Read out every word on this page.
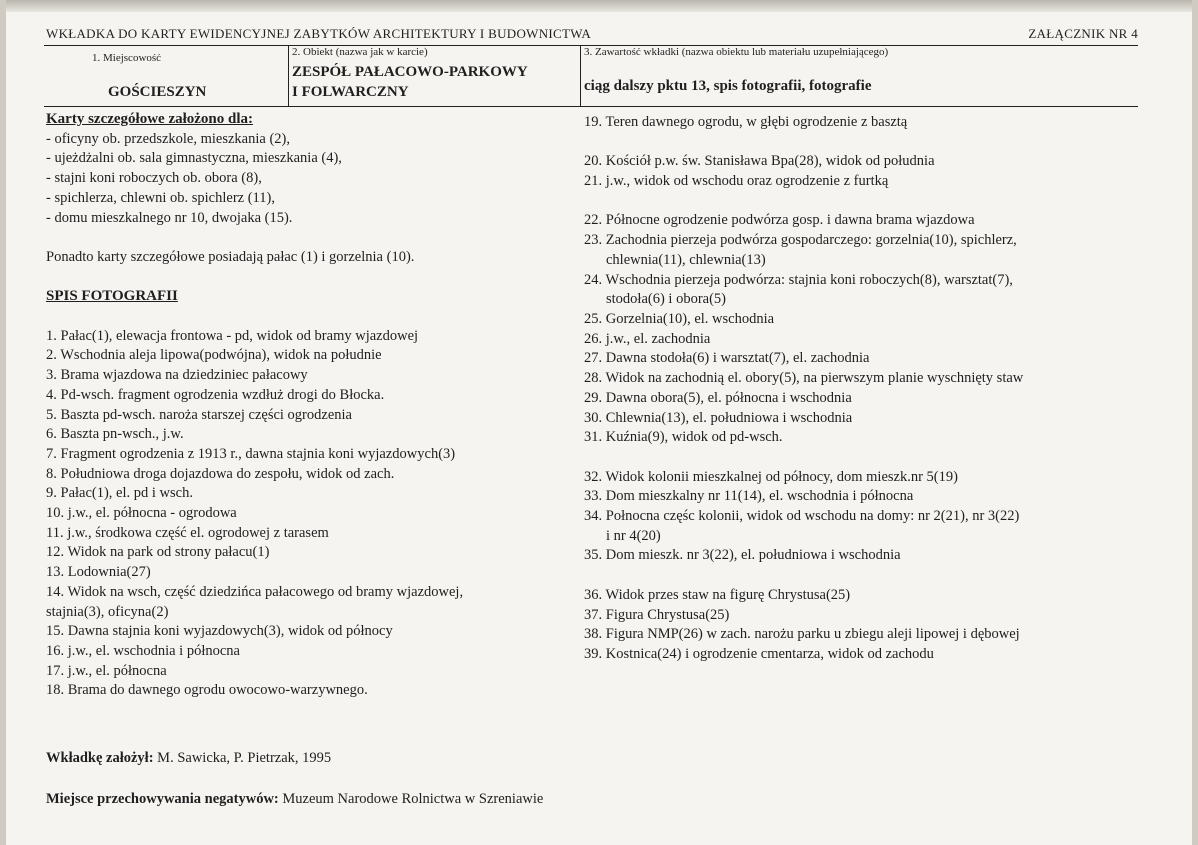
WKŁADKA DO KARTY EWIDENCYJNEJ ZABYTKÓW ARCHITEKTURY I BUDOWNICTWA	ZAŁĄCZNIK NR 4
1. Miejscowość
GOŚCIESZYN
2. Obiekt (nazwa jak w karcie)
ZESPÓŁ PAŁACOWO-PARKOWY
I FOLWARCZNY
3. Zawartość wkładki (nazwa obiektu lub materiału uzupełniającego)
ciąg dalszy pktu 13, spis fotografii, fotografie
Karty szczegółowe założono dla:
- oficyny ob. przedszkole, mieszkania (2),
- ujeżdżalni ob. sala gimnastyczna, mieszkania (4),
- stajni koni roboczych ob. obora (8),
- spichlerza, chlewni ob. spichlerz (11),
- domu mieszkalnego nr 10, dwojaka (15).
Ponadto karty szczegółowe posiadają pałac (1) i gorzelnia (10).
SPIS FOTOGRAFII
1. Pałac(1), elewacja frontowa - pd, widok od bramy wjazdowej
2. Wschodnia aleja lipowa(podwójna), widok na południe
3. Brama wjazdowa na dziedziniec pałacowy
4. Pd-wsch. fragment ogrodzenia wzdłuż drogi do Błocka.
5. Baszta pd-wsch. naroża starszej części ogrodzenia
6. Baszta pn-wsch., j.w.
7. Fragment ogrodzenia z 1913 r., dawna stajnia koni wyjazdowych(3)
8. Południowa droga dojazdowa do zespołu, widok od zach.
9. Pałac(1), el. pd i wsch.
10. j.w., el. północna - ogrodowa
11. j.w., środkowa część el. ogrodowej z tarasem
12. Widok na park od strony pałacu(1)
13. Lodownia(27)
14. Widok na wsch, część dziedzińca pałacowego od bramy wjazdowej,
stajnia(3), oficyna(2)
15. Dawna stajnia koni wyjazdowych(3), widok od północy
16. j.w., el. wschodnia i północna
17. j.w., el. północna
18. Brama do dawnego ogrodu owocowo-warzywnego.
19. Teren dawnego ogrodu, w głębi ogrodzenie z basztą
20. Kościół p.w. św. Stanisława Bpa(28), widok od południa
21. j.w., widok od wschodu oraz ogrodzenie z furtką
22. Północne ogrodzenie podwórza gosp. i dawna brama wjazdowa
23. Zachodnia pierzeja podwórza gospodarczego: gorzelnia(10), spichlerz,
chlewnia(11), chlewnia(13)
24. Wschodnia pierzeja podwórza: stajnia koni roboczych(8), warsztat(7),
stodoła(6) i obora(5)
25. Gorzelnia(10), el. wschodnia
26. j.w., el. zachodnia
27. Dawna stodoła(6) i warsztat(7), el. zachodnia
28. Widok na zachodnią el. obory(5), na pierwszym planie wyschnięty staw
29. Dawna obora(5), el. północna i wschodnia
30. Chlewnia(13), el. południowa i wschodnia
31. Kuźnia(9), widok od pd-wsch.
32. Widok kolonii mieszkalnej od północy, dom mieszk.nr 5(19)
33. Dom mieszkalny nr 11(14), el. wschodnia i północna
34. Połnocna częśc kolonii, widok od wschodu na domy: nr 2(21), nr 3(22)
i nr 4(20)
35. Dom mieszk. nr 3(22), el. południowa i wschodnia
36. Widok przes staw na figurę Chrystusa(25)
37. Figura Chrystusa(25)
38. Figura NMP(26) w zach. narożu parku u zbiegu aleji lipowej i dębowej
39. Kostnica(24) i ogrodzenie cmentarza, widok od zachodu
Wkładkę założył: M. Sawicka, P. Pietrzak, 1995
Miejsce przechowywania negatywów: Muzeum Narodowe Rolnictwa w Szreniawie
